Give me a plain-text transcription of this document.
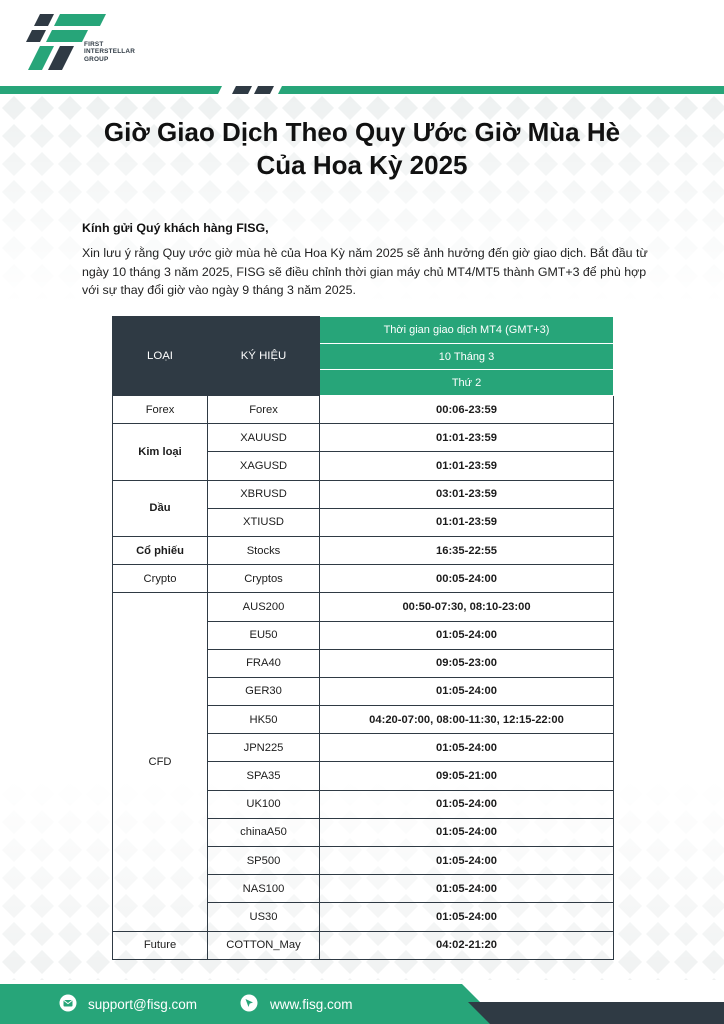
FIRST
INTERSTELLAR
GROUP
Giờ Giao Dịch Theo Quy Ước Giờ Mùa Hè
Của Hoa Kỳ 2025
Kính gửi Quý khách hàng FISG,
Xin lưu ý rằng Quy ước giờ mùa hè của Hoa Kỳ năm 2025 sẽ ảnh hưởng đến giờ giao dịch. Bắt đầu từ ngày 10 tháng 3 năm 2025, FISG sẽ điều chỉnh thời gian máy chủ MT4/MT5 thành GMT+3 để phù hợp với sự thay đổi giờ vào ngày 9 tháng 3 năm 2025.
LOẠI	KÝ HIỆU	Thời gian giao dịch MT4 (GMT+3)
		10 Tháng 3
		Thứ 2
Forex	Forex	00:06-23:59
Kim loại	XAUUSD	01:01-23:59
	XAGUSD	01:01-23:59
Dầu	XBRUSD	03:01-23:59
	XTIUSD	01:01-23:59
Cổ phiếu	Stocks	16:35-22:55
Crypto	Cryptos	00:05-24:00
CFD	AUS200	00:50-07:30, 08:10-23:00
	EU50	01:05-24:00
	FRA40	09:05-23:00
	GER30	01:05-24:00
	HK50	04:20-07:00, 08:00-11:30, 12:15-22:00
	JPN225	01:05-24:00
	SPA35	09:05-21:00
	UK100	01:05-24:00
	chinaA50	01:05-24:00
	SP500	01:05-24:00
	NAS100	01:05-24:00
	US30	01:05-24:00
Future	COTTON_May	04:02-21:20
support@fisg.com	www.fisg.com
